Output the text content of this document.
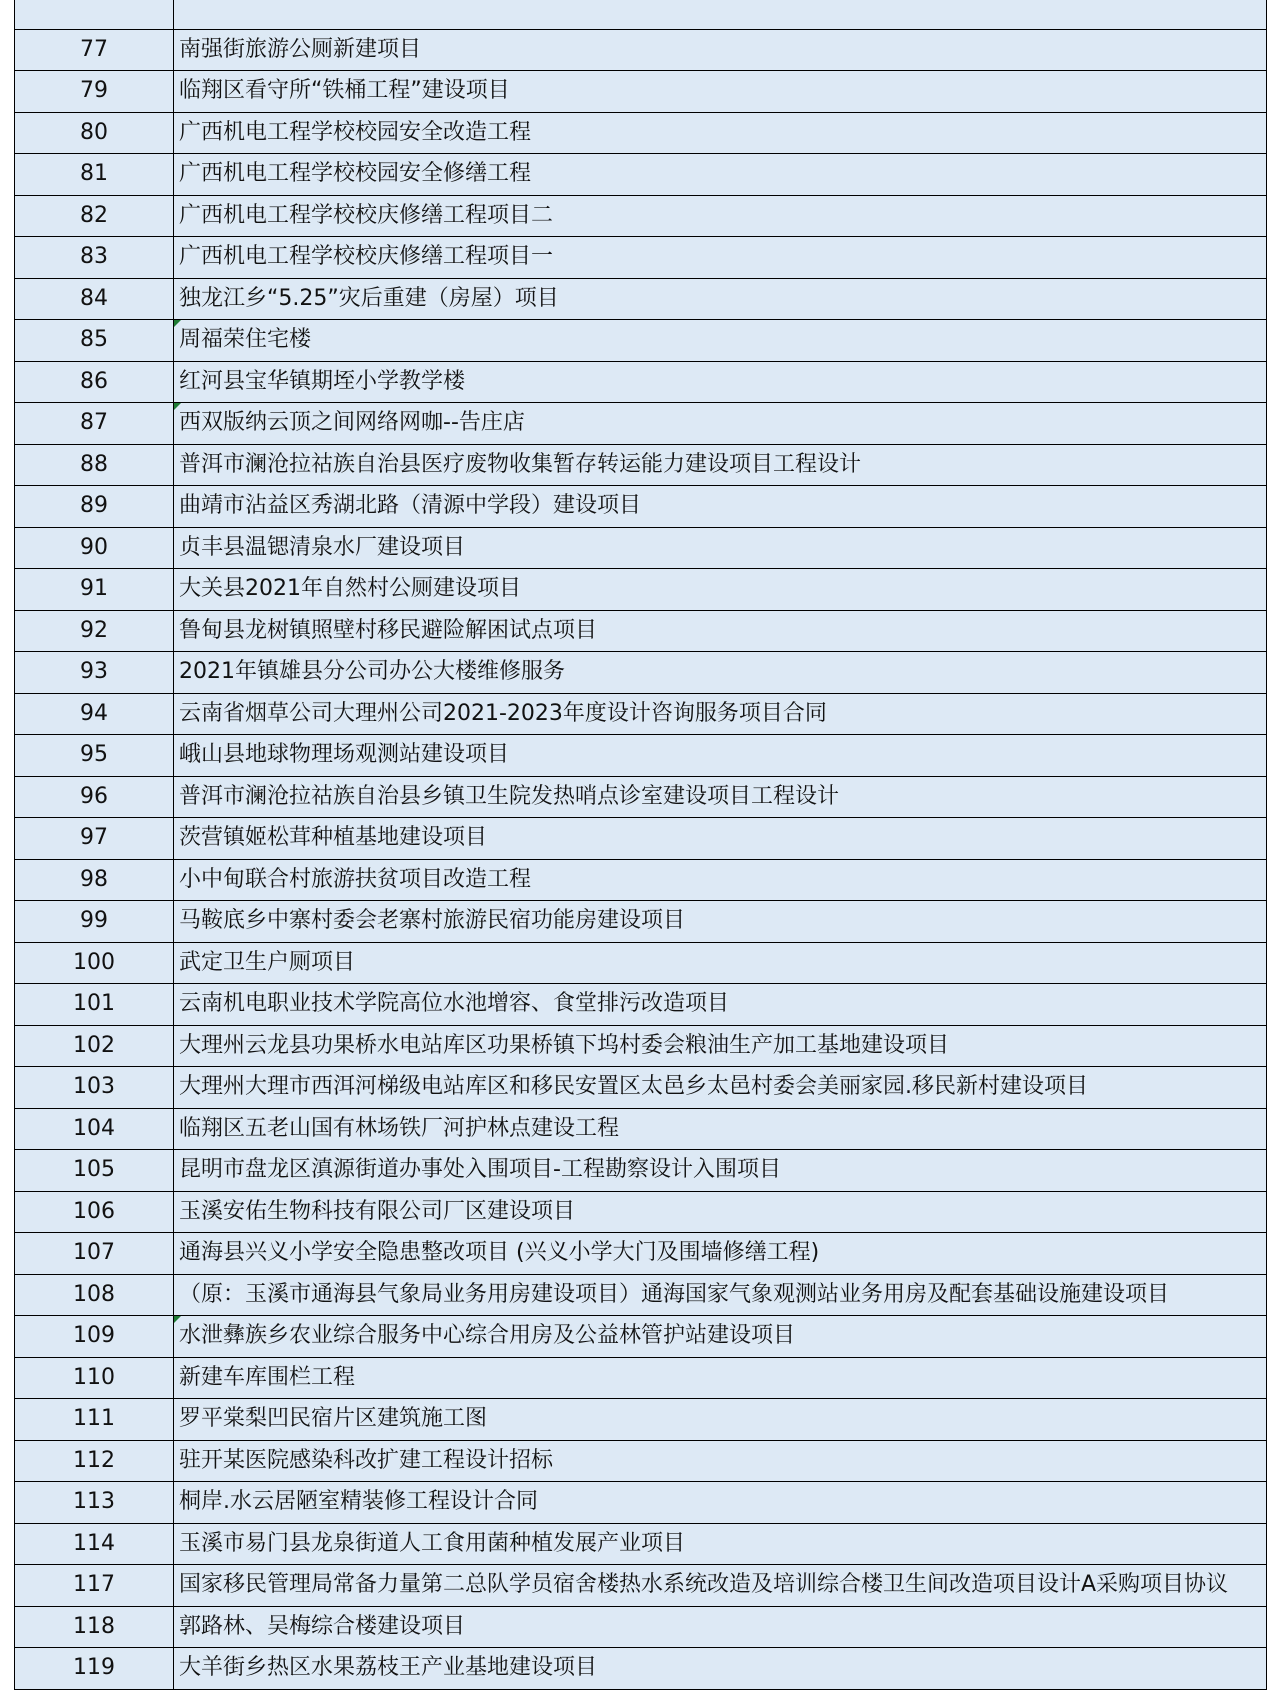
77	南强街旅游公厕新建项目
79	临翔区看守所“铁桶工程”建设项目
80	广西机电工程学校校园安全改造工程
81	广西机电工程学校校园安全修缮工程
82	广西机电工程学校校庆修缮工程项目二
83	广西机电工程学校校庆修缮工程项目一
84	独龙江乡“5.25”灾后重建（房屋）项目
85	周福荣住宅楼
86	红河县宝华镇期垤小学教学楼
87	西双版纳云顶之间网络网咖--告庄店
88	普洱市澜沧拉祜族自治县医疗废物收集暂存转运能力建设项目工程设计
89	曲靖市沾益区秀湖北路（清源中学段）建设项目
90	贞丰县温锶清泉水厂建设项目
91	大关县2021年自然村公厕建设项目
92	鲁甸县龙树镇照壁村移民避险解困试点项目
93	2021年镇雄县分公司办公大楼维修服务
94	云南省烟草公司大理州公司2021-2023年度设计咨询服务项目合同
95	峨山县地球物理场观测站建设项目
96	普洱市澜沧拉祜族自治县乡镇卫生院发热哨点诊室建设项目工程设计
97	茨营镇姬松茸种植基地建设项目
98	小中甸联合村旅游扶贫项目改造工程
99	马鞍底乡中寨村委会老寨村旅游民宿功能房建设项目
100	武定卫生户厕项目
101	云南机电职业技术学院高位水池增容、食堂排污改造项目
102	大理州云龙县功果桥水电站库区功果桥镇下坞村委会粮油生产加工基地建设项目
103	大理州大理市西洱河梯级电站库区和移民安置区太邑乡太邑村委会美丽家园.移民新村建设项目
104	临翔区五老山国有林场铁厂河护林点建设工程
105	昆明市盘龙区滇源街道办事处入围项目-工程勘察设计入围项目
106	玉溪安佑生物科技有限公司厂区建设项目
107	通海县兴义小学安全隐患整改项目 (兴义小学大门及围墙修缮工程)
108	（原：玉溪市通海县气象局业务用房建设项目）通海国家气象观测站业务用房及配套基础设施建设项目
109	水泄彝族乡农业综合服务中心综合用房及公益林管护站建设项目
110	新建车库围栏工程
111	罗平棠梨凹民宿片区建筑施工图
112	驻开某医院感染科改扩建工程设计招标
113	桐岸.水云居陋室精装修工程设计合同
114	玉溪市易门县龙泉街道人工食用菌种植发展产业项目
117	国家移民管理局常备力量第二总队学员宿舍楼热水系统改造及培训综合楼卫生间改造项目设计A采购项目协议
118	郭路林、吴梅综合楼建设项目
119	大羊街乡热区水果荔枝王产业基地建设项目
